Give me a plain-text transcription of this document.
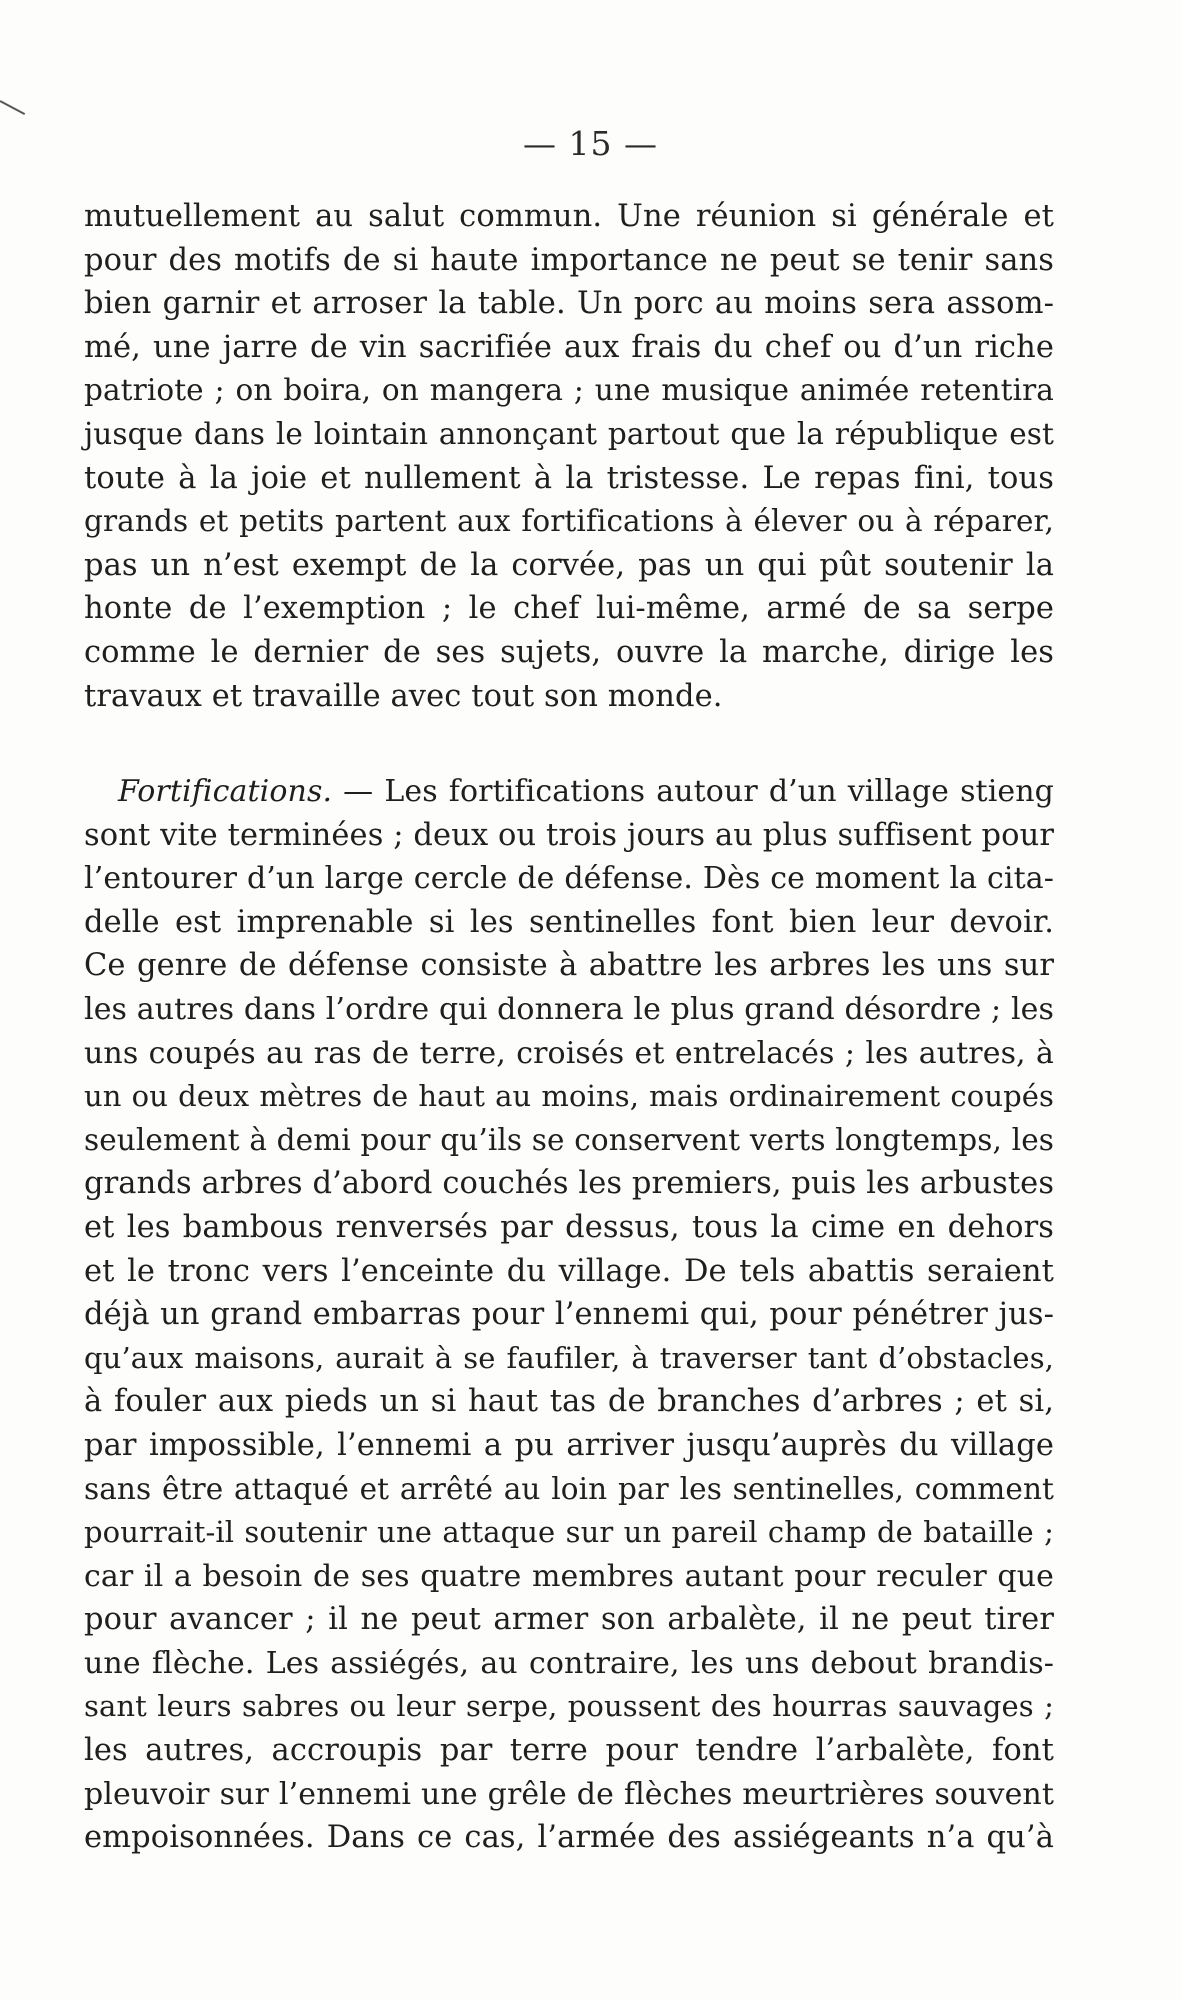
— 15 —
mutuellement au salut commun. Une réunion si générale et
pour des motifs de si haute importance ne peut se tenir sans
bien garnir et arroser la table. Un porc au moins sera assom-
mé, une jarre de vin sacrifiée aux frais du chef ou d’un riche
patriote ; on boira, on mangera ; une musique animée retentira
jusque dans le lointain annonçant partout que la république est
toute à la joie et nullement à la tristesse. Le repas fini, tous
grands et petits partent aux fortifications à élever ou à réparer,
pas un n’est exempt de la corvée, pas un qui pût soutenir la
honte de l’exemption ; le chef lui-même, armé de sa serpe
comme le dernier de ses sujets, ouvre la marche, dirige les
travaux et travaille avec tout son monde.
Fortifications. — Les fortifications autour d’un village stieng
sont vite terminées ; deux ou trois jours au plus suffisent pour
l’entourer d’un large cercle de défense. Dès ce moment la cita-
delle est imprenable si les sentinelles font bien leur devoir.
Ce genre de défense consiste à abattre les arbres les uns sur
les autres dans l’ordre qui donnera le plus grand désordre ; les
uns coupés au ras de terre, croisés et entrelacés ; les autres, à
un ou deux mètres de haut au moins, mais ordinairement coupés
seulement à demi pour qu’ils se conservent verts longtemps, les
grands arbres d’abord couchés les premiers, puis les arbustes
et les bambous renversés par dessus, tous la cime en dehors
et le tronc vers l’enceinte du village. De tels abattis seraient
déjà un grand embarras pour l’ennemi qui, pour pénétrer jus-
qu’aux maisons, aurait à se faufiler, à traverser tant d’obstacles,
à fouler aux pieds un si haut tas de branches d’arbres ; et si,
par impossible, l’ennemi a pu arriver jusqu’auprès du village
sans être attaqué et arrêté au loin par les sentinelles, comment
pourrait-il soutenir une attaque sur un pareil champ de bataille ;
car il a besoin de ses quatre membres autant pour reculer que
pour avancer ; il ne peut armer son arbalète, il ne peut tirer
une flèche. Les assiégés, au contraire, les uns debout brandis-
sant leurs sabres ou leur serpe, poussent des hourras sauvages ;
les autres, accroupis par terre pour tendre l’arbalète, font
pleuvoir sur l’ennemi une grêle de flèches meurtrières souvent
empoisonnées. Dans ce cas, l’armée des assiégeants n’a qu’à
